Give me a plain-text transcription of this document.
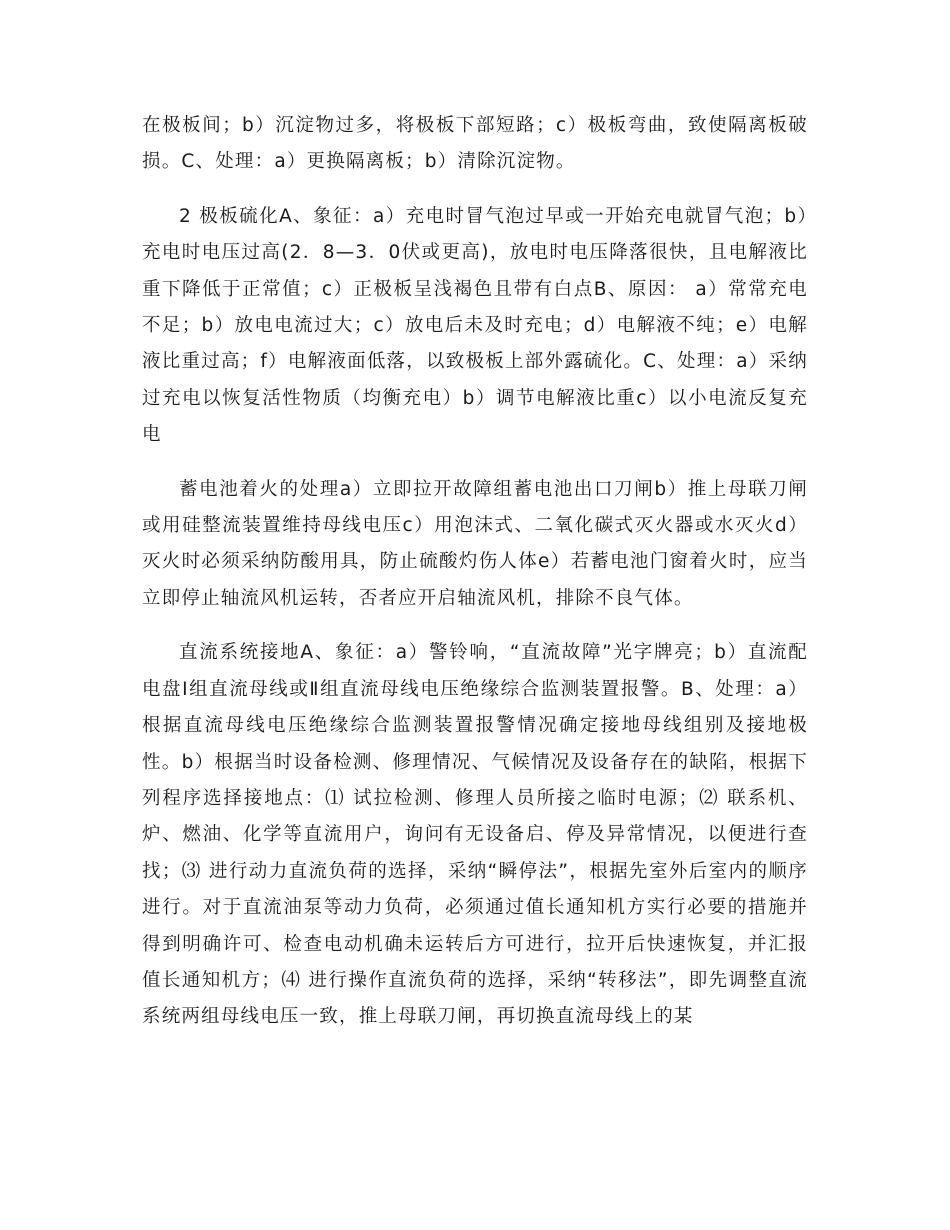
在极板间；b）沉淀物过多，将极板下部短路；c）极板弯曲，致使隔离板破损。C、处理：a）更换隔离板；b）清除沉淀物。

2 极板硫化A、象征：a）充电时冒气泡过早或一开始充电就冒气泡；b）充电时电压过高(2．8—3．0伏或更高)，放电时电压降落很快，且电解液比重下降低于正常值；c）正极板呈浅褐色且带有白点B、原因： a）常常充电不足；b）放电电流过大；c）放电后未及时充电；d）电解液不纯；e）电解液比重过高；f）电解液面低落，以致极板上部外露硫化。C、处理：a）采纳过充电以恢复活性物质（均衡充电）b）调节电解液比重c）以小电流反复充电

蓄电池着火的处理a）立即拉开故障组蓄电池出口刀闸b）推上母联刀闸或用硅整流装置维持母线电压c）用泡沫式、二氧化碳式灭火器或水灭火d）灭火时必须采纳防酸用具，防止硫酸灼伤人体e）若蓄电池门窗着火时，应当立即停止轴流风机运转，否者应开启轴流风机，排除不良气体。

直流系统接地A、象征：a）警铃响，“直流故障”光字牌亮；b）直流配电盘Ⅰ组直流母线或Ⅱ组直流母线电压绝缘综合监测装置报警。B、处理：a）根据直流母线电压绝缘综合监测装置报警情况确定接地母线组别及接地极性。b）根据当时设备检测、修理情况、气候情况及设备存在的缺陷，根据下列程序选择接地点：⑴ 试拉检测、修理人员所接之临时电源；⑵ 联系机、炉、燃油、化学等直流用户，询问有无设备启、停及异常情况，以便进行查找；⑶ 进行动力直流负荷的选择，采纳“瞬停法”，根据先室外后室内的顺序进行。对于直流油泵等动力负荷，必须通过值长通知机方实行必要的措施并得到明确许可、检查电动机确未运转后方可进行，拉开后快速恢复，并汇报值长通知机方；⑷ 进行操作直流负荷的选择，采纳“转移法”，即先调整直流系统两组母线电压一致，推上母联刀闸，再切换直流母线上的某
